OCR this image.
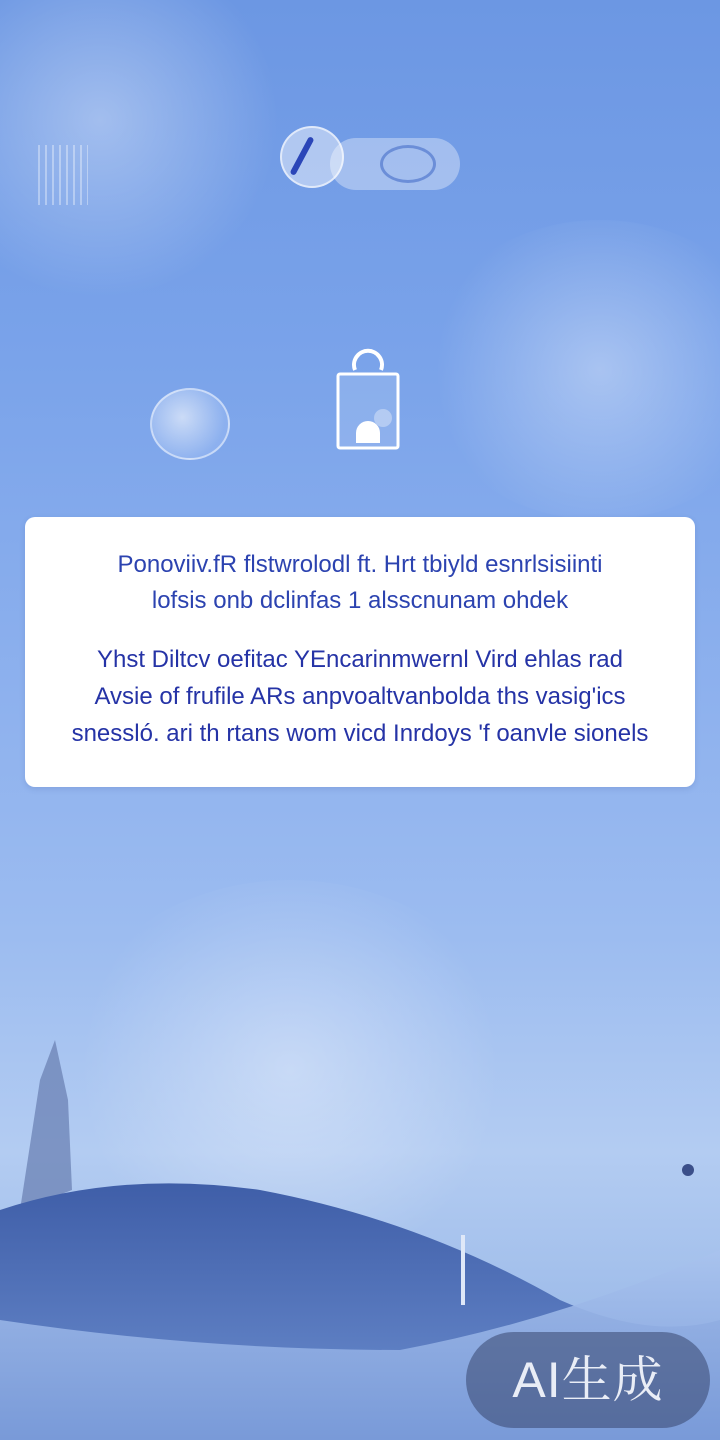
Ponoviiv.fR flstwrolodl ft. Hrt tbiyld esnrlsisiinti
lofsis onb dclinfas 1 alsscnunam ohdek

Yhst Diltcv oefitac YEncarinmwernl Vird ehlas rad
Avsie of frufile ARs anpvoaltvanbolda ths vasig'ics
snessló. ari th rtans wom vicd Inrdoys 'f oanvle sionels

AI生成
